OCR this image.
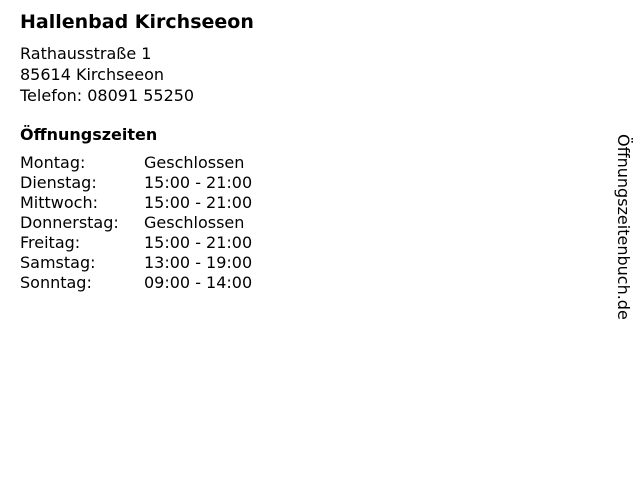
Hallenbad Kirchseeon
Rathausstraße 1
85614 Kirchseeon
Telefon: 08091 55250
Öffnungszeiten
Montag:	Geschlossen
Dienstag:	15:00 - 21:00
Mittwoch:	15:00 - 21:00
Donnerstag:	Geschlossen
Freitag:	15:00 - 21:00
Samstag:	13:00 - 19:00
Sonntag:	09:00 - 14:00	Öffnungszeitenbuch.de
